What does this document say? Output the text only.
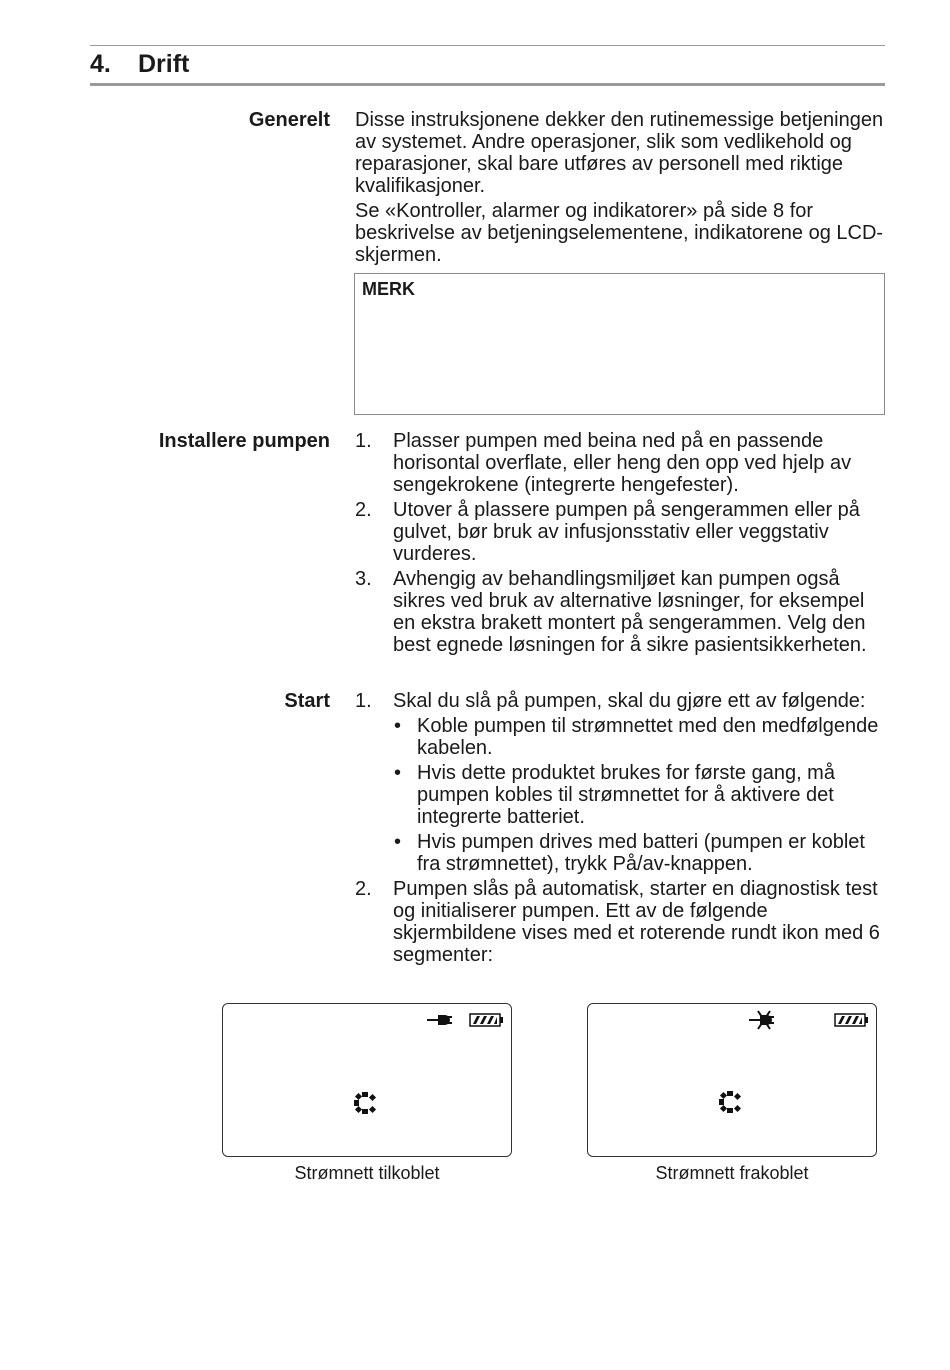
4. Drift
Generelt Disse instruksjonene dekker den rutinemessige betjeningen av systemet. Andre operasjoner, slik som vedlikehold og reparasjoner, skal bare utføres av personell med riktige kvalifikasjoner.

Se «Kontroller, alarmer og indikatorer» på side 8 for beskrivelse av betjeningselementene, indikatorene og LCD-skjermen.

MERK
Installere pumpen 1. Plasser pumpen med beina ned på en passende horisontal overflate, eller heng den opp ved hjelp av sengekrokene (integrerte hengefester).
2. Utover å plassere pumpen på sengerammen eller på gulvet, bør bruk av infusjonsstativ eller veggstativ vurderes.
3. Avhengig av behandlingsmiljøet kan pumpen også sikres ved bruk av alternative løsninger, for eksempel en ekstra brakett montert på sengerammen. Velg den best egnede løsningen for å sikre pasientsikkerheten.
Start 1. Skal du slå på pumpen, skal du gjøre ett av følgende:
• Koble pumpen til strømnettet med den medfølgende kabelen.
• Hvis dette produktet brukes for første gang, må pumpen kobles til strømnettet for å aktivere det integrerte batteriet.
• Hvis pumpen drives med batteri (pumpen er koblet fra strømnettet), trykk På/av-knappen.
2. Pumpen slås på automatisk, starter en diagnostisk test og initialiserer pumpen. Ett av de følgende skjermbildene vises med et roterende rundt ikon med 6 segmenter:
Strømnett tilkoblet	Strømnett frakoblet
